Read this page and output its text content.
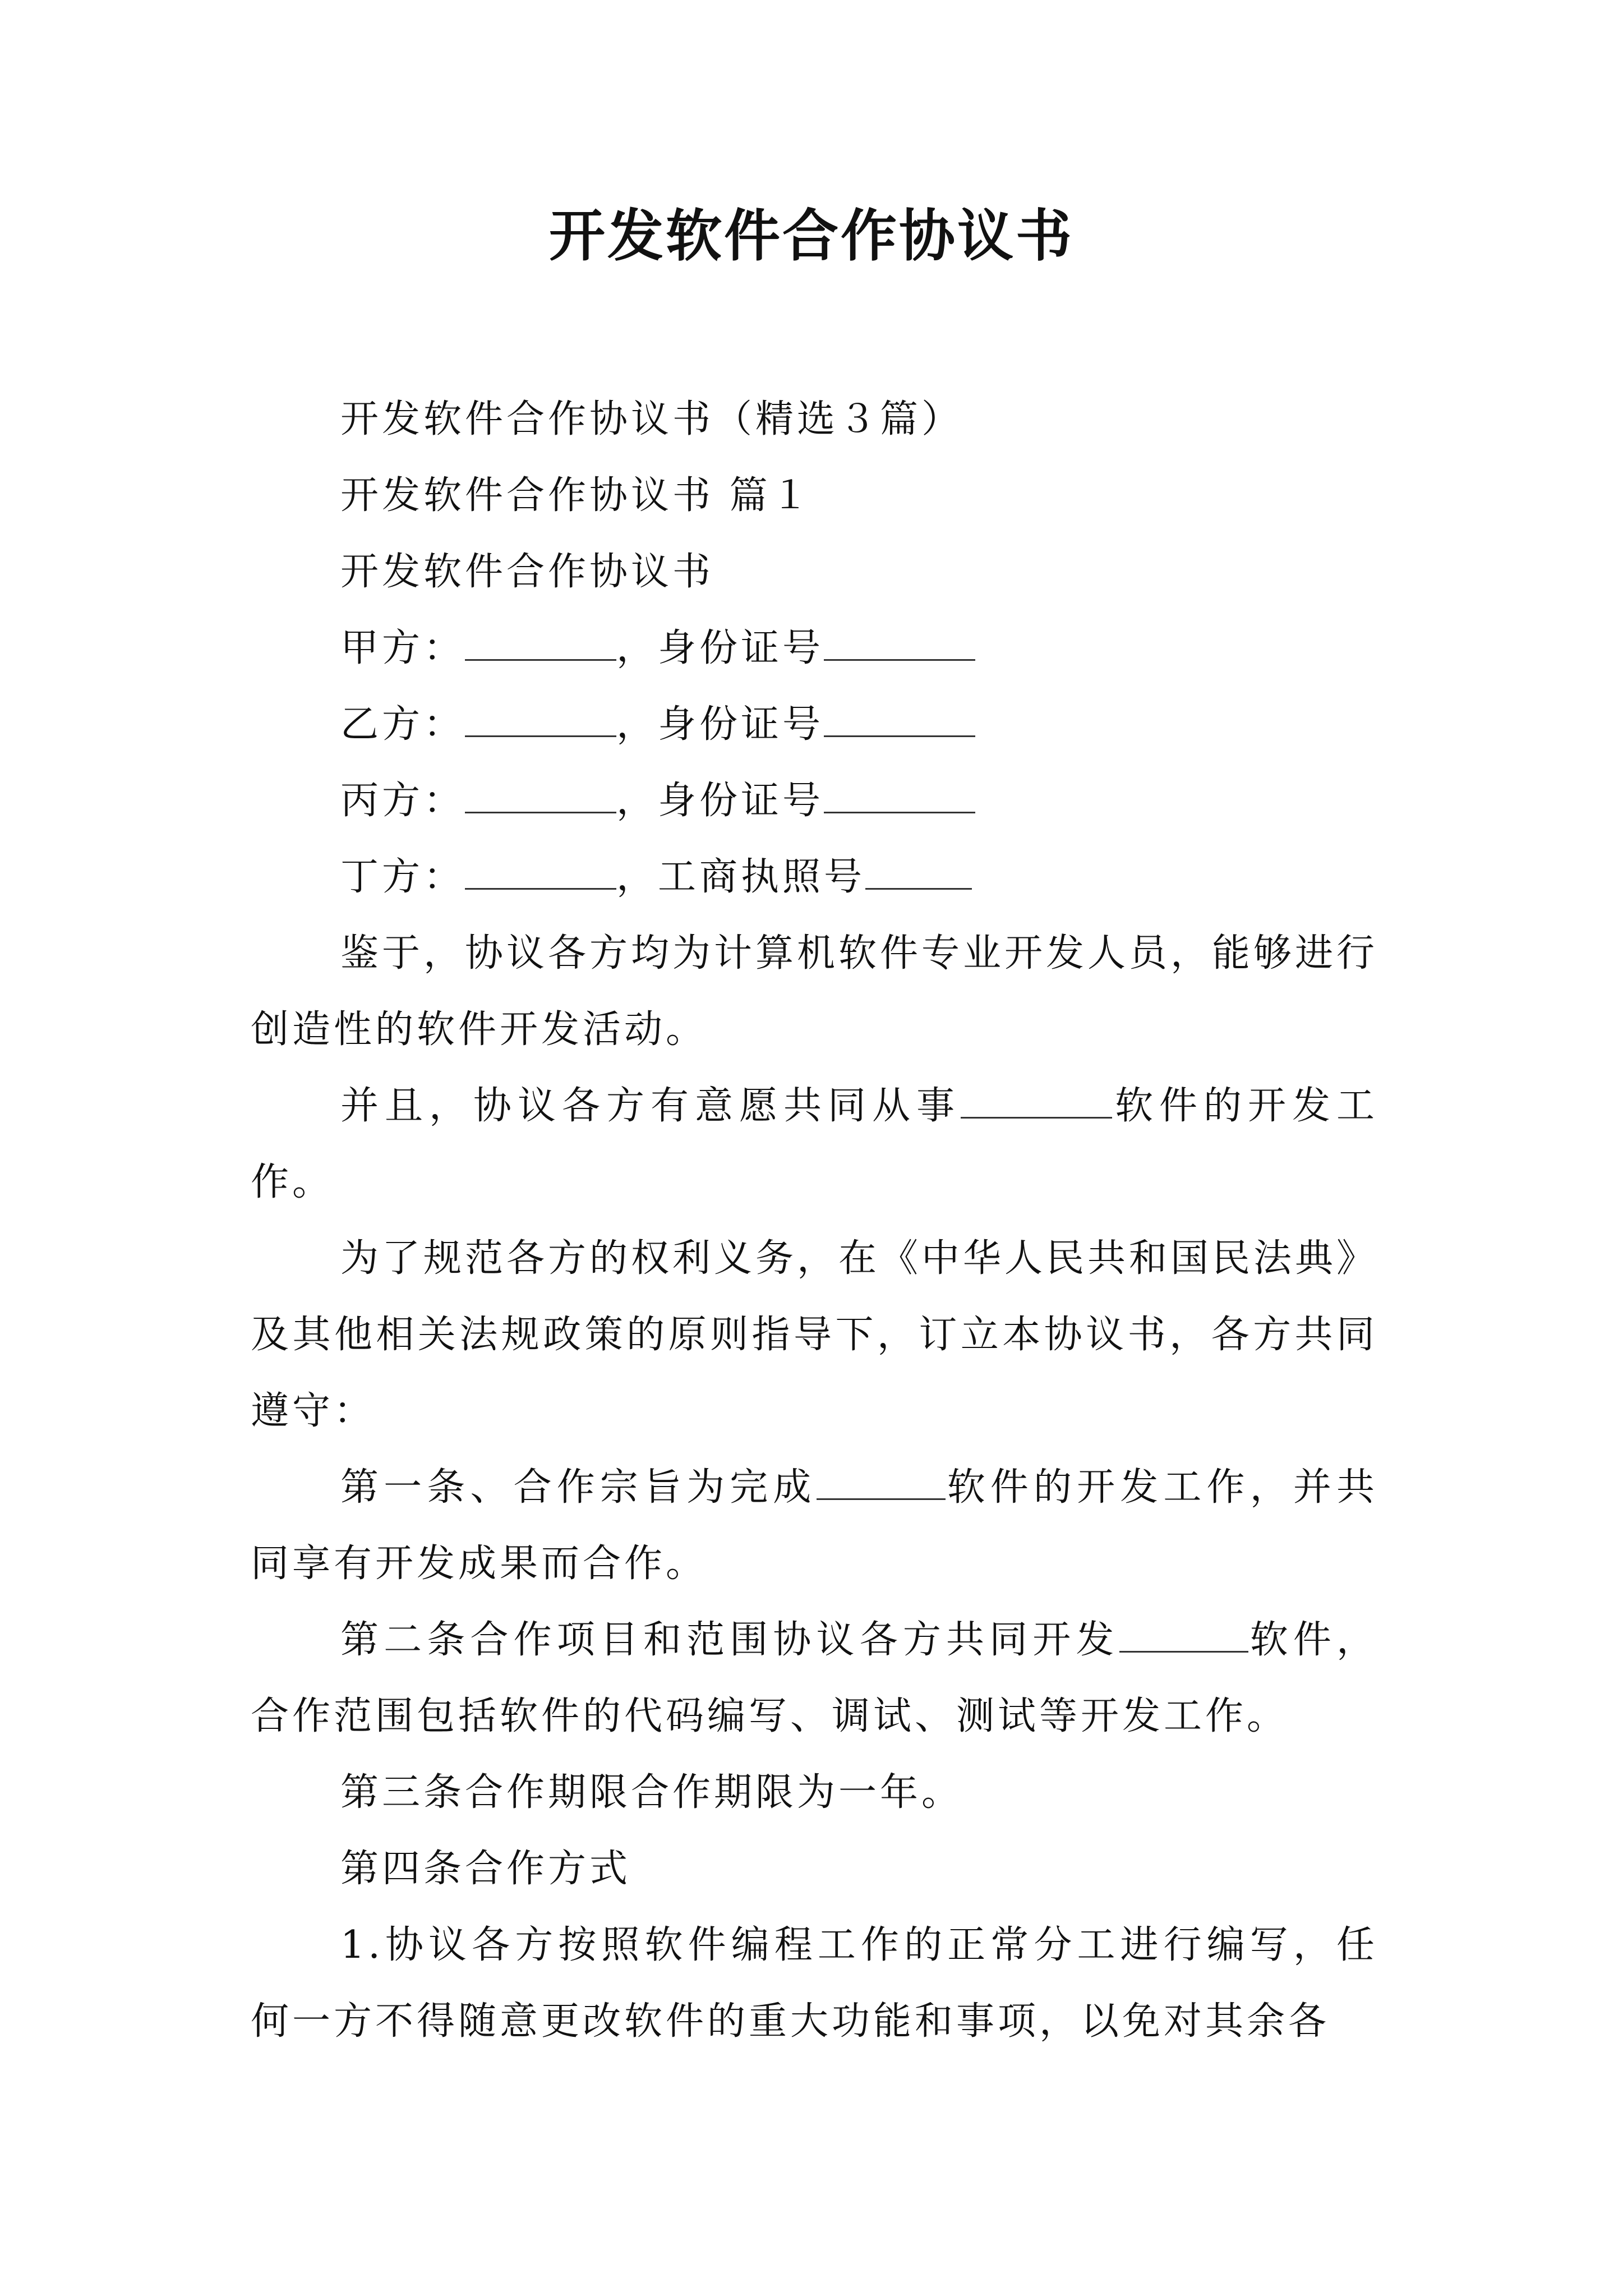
开发软件合作协议书

开发软件合作协议书（精选３篇）

开发软件合作协议书 篇１

开发软件合作协议书

甲方：	，身份证号

乙方：	，身份证号

丙方：	，身份证号

丁方：	，工商执照号

鉴于，协议各方均为计算机软件专业开发人员，能够进行创造性的软件开发活动。

并且，协议各方有意愿共同从事	软件的开发工作。

为了规范各方的权利义务，在《中华人民共和国民法典》及其他相关法规政策的原则指导下，订立本协议书，各方共同遵守：

第一条、合作宗旨为完成	软件的开发工作，并共同享有开发成果而合作。

第二条合作项目和范围协议各方共同开发	软件，合作范围包括软件的代码编写、调试、测试等开发工作。

第三条合作期限合作期限为一年。

第四条合作方式

1.协议各方按照软件编程工作的正常分工进行编写，任何一方不得随意更改软件的重大功能和事项，以免对其余各
